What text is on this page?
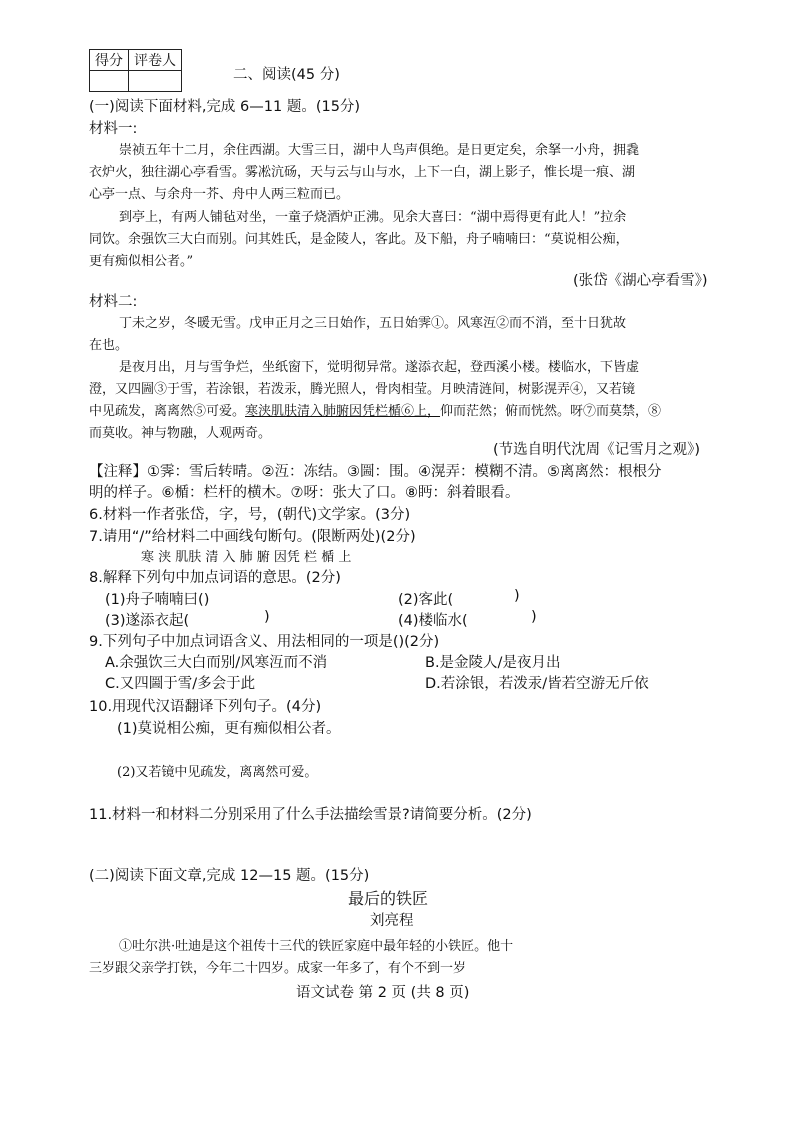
得分	评卷人

二、阅读(45 分)
(一)阅读下面材料,完成 6—11 题。(15分)
材料一:
崇祯五年十二月，余住西湖。大雪三日，湖中人鸟声俱绝。是日更定矣，余拏一小舟，拥毳
衣炉火，独往湖心亭看雪。雾凇沆砀，天与云与山与水，上下一白，湖上影子，惟长堤一痕、湖
心亭一点、与余舟一芥、舟中人两三粒而已。
到亭上，有两人铺毡对坐，一童子烧酒炉正沸。见余大喜曰：“湖中焉得更有此人！”拉余
同饮。余强饮三大白而别。问其姓氏，是金陵人，客此。及下船，舟子喃喃曰：“莫说相公痴，
更有痴似相公者。”
(张岱《湖心亭看雪》)
材料二:
丁未之岁，冬暖无雪。戊申正月之三日始作，五日始霁①。风寒沍②而不消，至十日犹故
在也。
是夜月出，月与雪争烂，坐纸窗下，觉明彻异常。遂添衣起，登西溪小楼。楼临水，下皆虚
澄，又四圌③于雪，若涂银，若泼汞，腾光照人，骨肉相莹。月映清涟间，树影滉弄④，又若镜
中见疏发，离离然⑤可爱。寒浃肌肤清入肺腑因凭栏楯⑥上，仰而茫然；俯而恍然。呀⑦而莫禁，⑧
而莫收。神与物融，人观两奇。
(节选自明代沈周《记雪月之观》)
【注释】①霁：雪后转晴。②沍：冻结。③圌：围。④滉弄：模糊不清。⑤离离然：根根分
明的样子。⑥楯：栏杆的横木。⑦呀：张大了口。⑧眄：斜着眼看。
6.材料一作者张岱，字，号，(朝代)文学家。(3分)
7.请用“/”给材料二中画线句断句。(限断两处)(2分)
寒 浃 肌肤 清 入 肺 腑 因凭 栏 楯 上
8.解释下列句中加点词语的意思。(2分)
(1)舟子喃喃曰()	(2)客此(	)
(3)遂添衣起(	)	(4)楼临水(	)
9.下列句子中加点词语含义、用法相同的一项是()(2分)
A.余强饮三大白而别/风寒沍而不消	B.是金陵人/是夜月出
C.又四圌于雪/多会于此	D.若涂银，若泼汞/皆若空游无斤依
10.用现代汉语翻译下列句子。(4分)
(1)莫说相公痴，更有痴似相公者。
(2)又若镜中见疏发，离离然可爱。
11.材料一和材料二分别采用了什么手法描绘雪景?请简要分析。(2分)
(二)阅读下面文章,完成 12—15 题。(15分)
最后的铁匠
刘亮程
①吐尔洪·吐迪是这个祖传十三代的铁匠家庭中最年轻的小铁匠。他十
三岁跟父亲学打铁，今年二十四岁。成家一年多了，有个不到一岁
语文试卷 第 2 页 (共 8 页)
